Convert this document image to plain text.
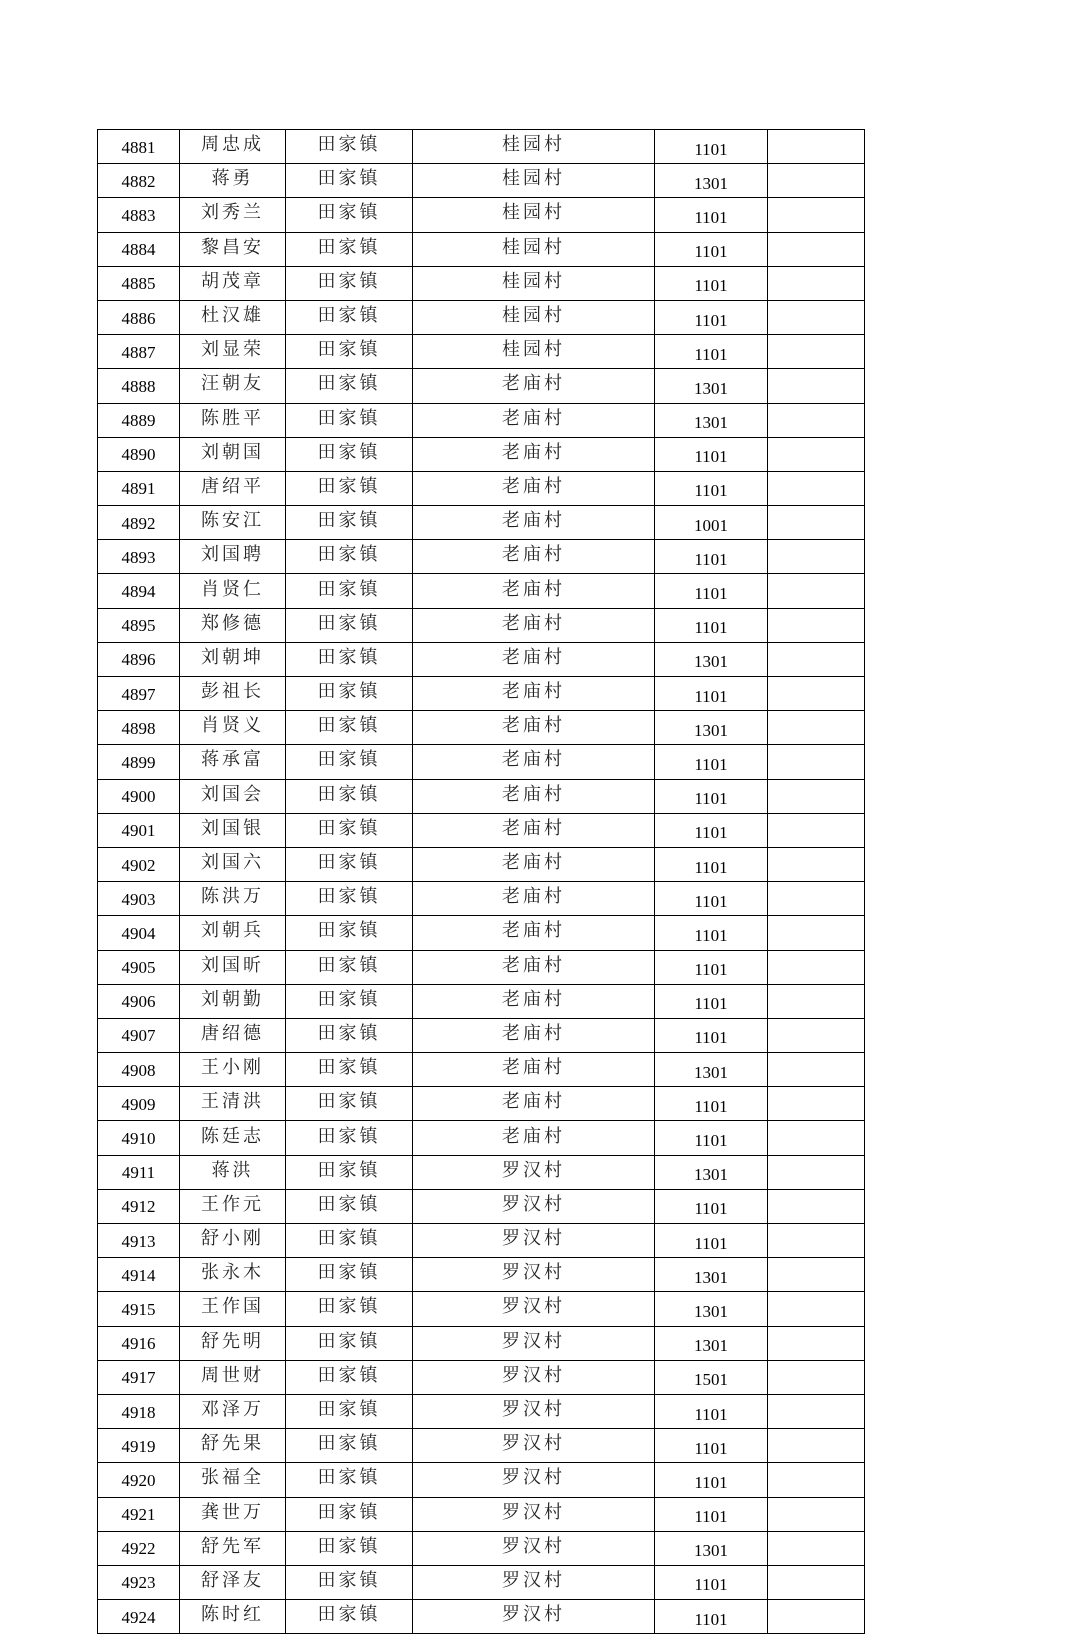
4881	周忠成	田家镇	桂园村	1101	
4882	蒋勇	田家镇	桂园村	1301	
4883	刘秀兰	田家镇	桂园村	1101	
4884	黎昌安	田家镇	桂园村	1101	
4885	胡茂章	田家镇	桂园村	1101	
4886	杜汉雄	田家镇	桂园村	1101	
4887	刘显荣	田家镇	桂园村	1101	
4888	汪朝友	田家镇	老庙村	1301	
4889	陈胜平	田家镇	老庙村	1301	
4890	刘朝国	田家镇	老庙村	1101	
4891	唐绍平	田家镇	老庙村	1101	
4892	陈安江	田家镇	老庙村	1001	
4893	刘国聘	田家镇	老庙村	1101	
4894	肖贤仁	田家镇	老庙村	1101	
4895	郑修德	田家镇	老庙村	1101	
4896	刘朝坤	田家镇	老庙村	1301	
4897	彭祖长	田家镇	老庙村	1101	
4898	肖贤义	田家镇	老庙村	1301	
4899	蒋承富	田家镇	老庙村	1101	
4900	刘国会	田家镇	老庙村	1101	
4901	刘国银	田家镇	老庙村	1101	
4902	刘国六	田家镇	老庙村	1101	
4903	陈洪万	田家镇	老庙村	1101	
4904	刘朝兵	田家镇	老庙村	1101	
4905	刘国昕	田家镇	老庙村	1101	
4906	刘朝勤	田家镇	老庙村	1101	
4907	唐绍德	田家镇	老庙村	1101	
4908	王小刚	田家镇	老庙村	1301	
4909	王清洪	田家镇	老庙村	1101	
4910	陈廷志	田家镇	老庙村	1101	
4911	蒋洪	田家镇	罗汉村	1301	
4912	王作元	田家镇	罗汉村	1101	
4913	舒小刚	田家镇	罗汉村	1101	
4914	张永木	田家镇	罗汉村	1301	
4915	王作国	田家镇	罗汉村	1301	
4916	舒先明	田家镇	罗汉村	1301	
4917	周世财	田家镇	罗汉村	1501	
4918	邓泽万	田家镇	罗汉村	1101	
4919	舒先果	田家镇	罗汉村	1101	
4920	张福全	田家镇	罗汉村	1101	
4921	龚世万	田家镇	罗汉村	1101	
4922	舒先军	田家镇	罗汉村	1301	
4923	舒泽友	田家镇	罗汉村	1101	
4924	陈时红	田家镇	罗汉村	1101	
